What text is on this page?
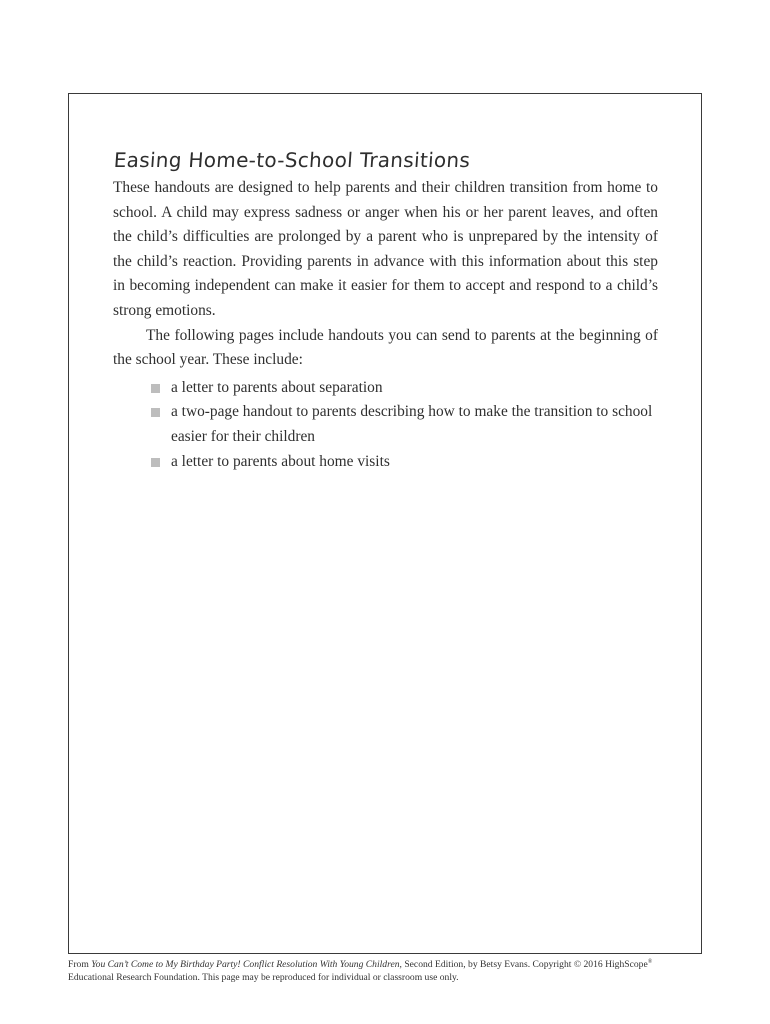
Easing Home-to-School Transitions

These handouts are designed to help parents and their children transition from home to school. A child may express sadness or anger when his or her parent leaves, and often the child’s difficulties are prolonged by a parent who is unprepared by the intensity of the child’s reaction. Providing parents in advance with this information about this step in becoming independent can make it easier for them to accept and respond to a child’s strong emotions.

The following pages include handouts you can send to parents at the beginning of the school year. These include:

a letter to parents about separation
a two-page handout to parents describing how to make the transition to school easier for their children
a letter to parents about home visits
From You Can’t Come to My Birthday Party! Conflict Resolution With Young Children, Second Edition, by Betsy Evans. Copyright © 2016 HighScope®
Educational Research Foundation. This page may be reproduced for individual or classroom use only.
